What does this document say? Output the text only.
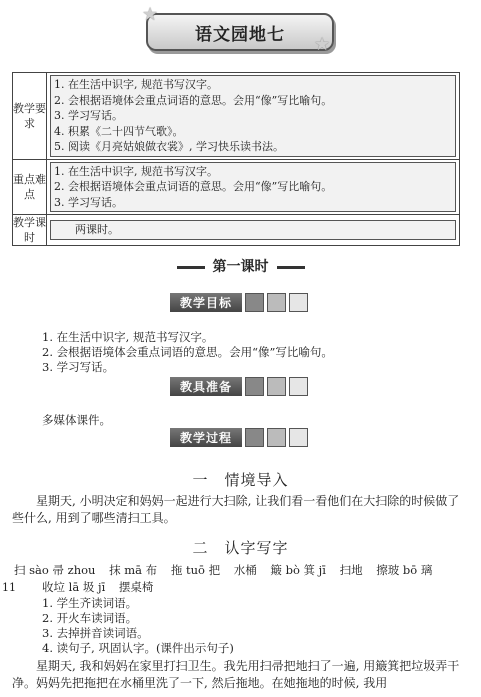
语文园地七
★
★
教学要求	1. 在生活中识字, 规范书写汉字。
2. 会根据语境体会重点词语的意思。会用“像”写比喻句。
3. 学习写话。
4. 积累《二十四节气歌》。
5. 阅读《月亮姑娘做衣裳》, 学习快乐读书法。

重点难点	1. 在生活中识字, 规范书写汉字。
2. 会根据语境体会重点词语的意思。会用“像”写比喻句。
3. 学习写话。

教学课时	两课时。
第一课时
教学目标
1. 在生活中识字, 规范书写汉字。
2. 会根据语境体会重点词语的意思。会用“像”写比喻句。
3. 学习写话。
教具准备
多媒体课件。
教学过程
一　情境导入
星期天, 小明决定和妈妈一起进行大扫除, 让我们看一看他们在大扫除的时候做了些什么, 用到了哪些清扫工具。
二　认字写字
扫 sào 帚 zhou 抹 mā 布 拖 tuō 把 水桶 簸 bò 箕 jī 扫地 擦玻 bō 璃
11 收垃 lā 圾 jī 摆桌椅
1. 学生齐读词语。
2. 开火车读词语。
3. 去掉拼音读词语。
4. 读句子, 巩固认字。(课件出示句子)
星期天, 我和妈妈在家里打扫卫生。我先用扫帚把地扫了一遍, 用簸箕把垃圾弄干净。妈妈先把拖把在水桶里洗了一下, 然后拖地。在她拖地的时候, 我用
